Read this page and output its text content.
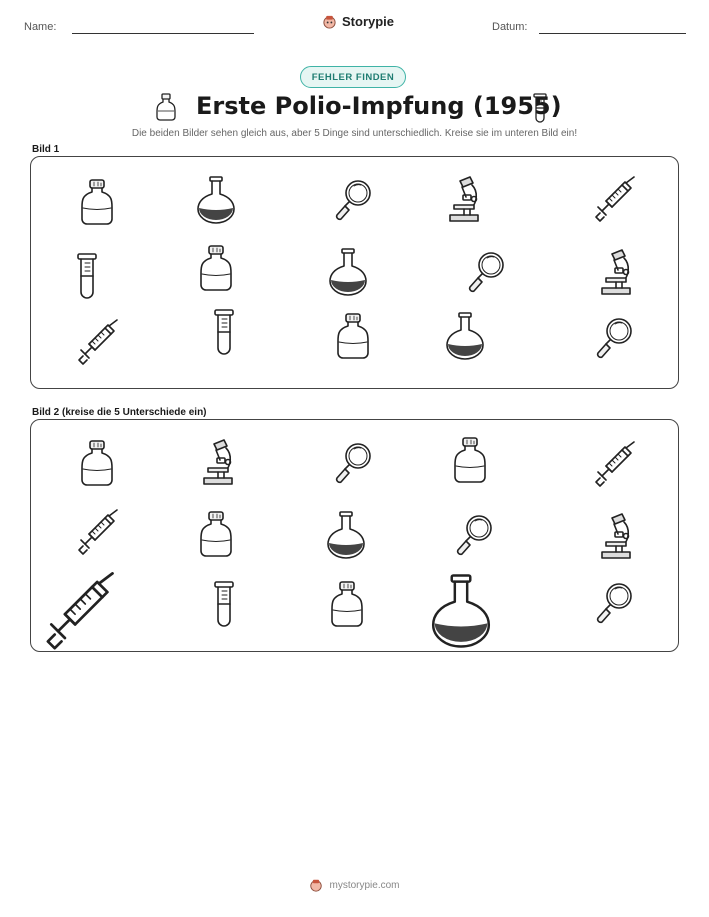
Name:	Storypie	Datum:
FEHLER FINDEN
Erste Polio-Impfung (1955)
Die beiden Bilder sehen gleich aus, aber 5 Dinge sind unterschiedlich. Kreise sie im unteren Bild ein!
Bild 1
Bild 2 (kreise die 5 Unterschiede ein)
mystorypie.com
